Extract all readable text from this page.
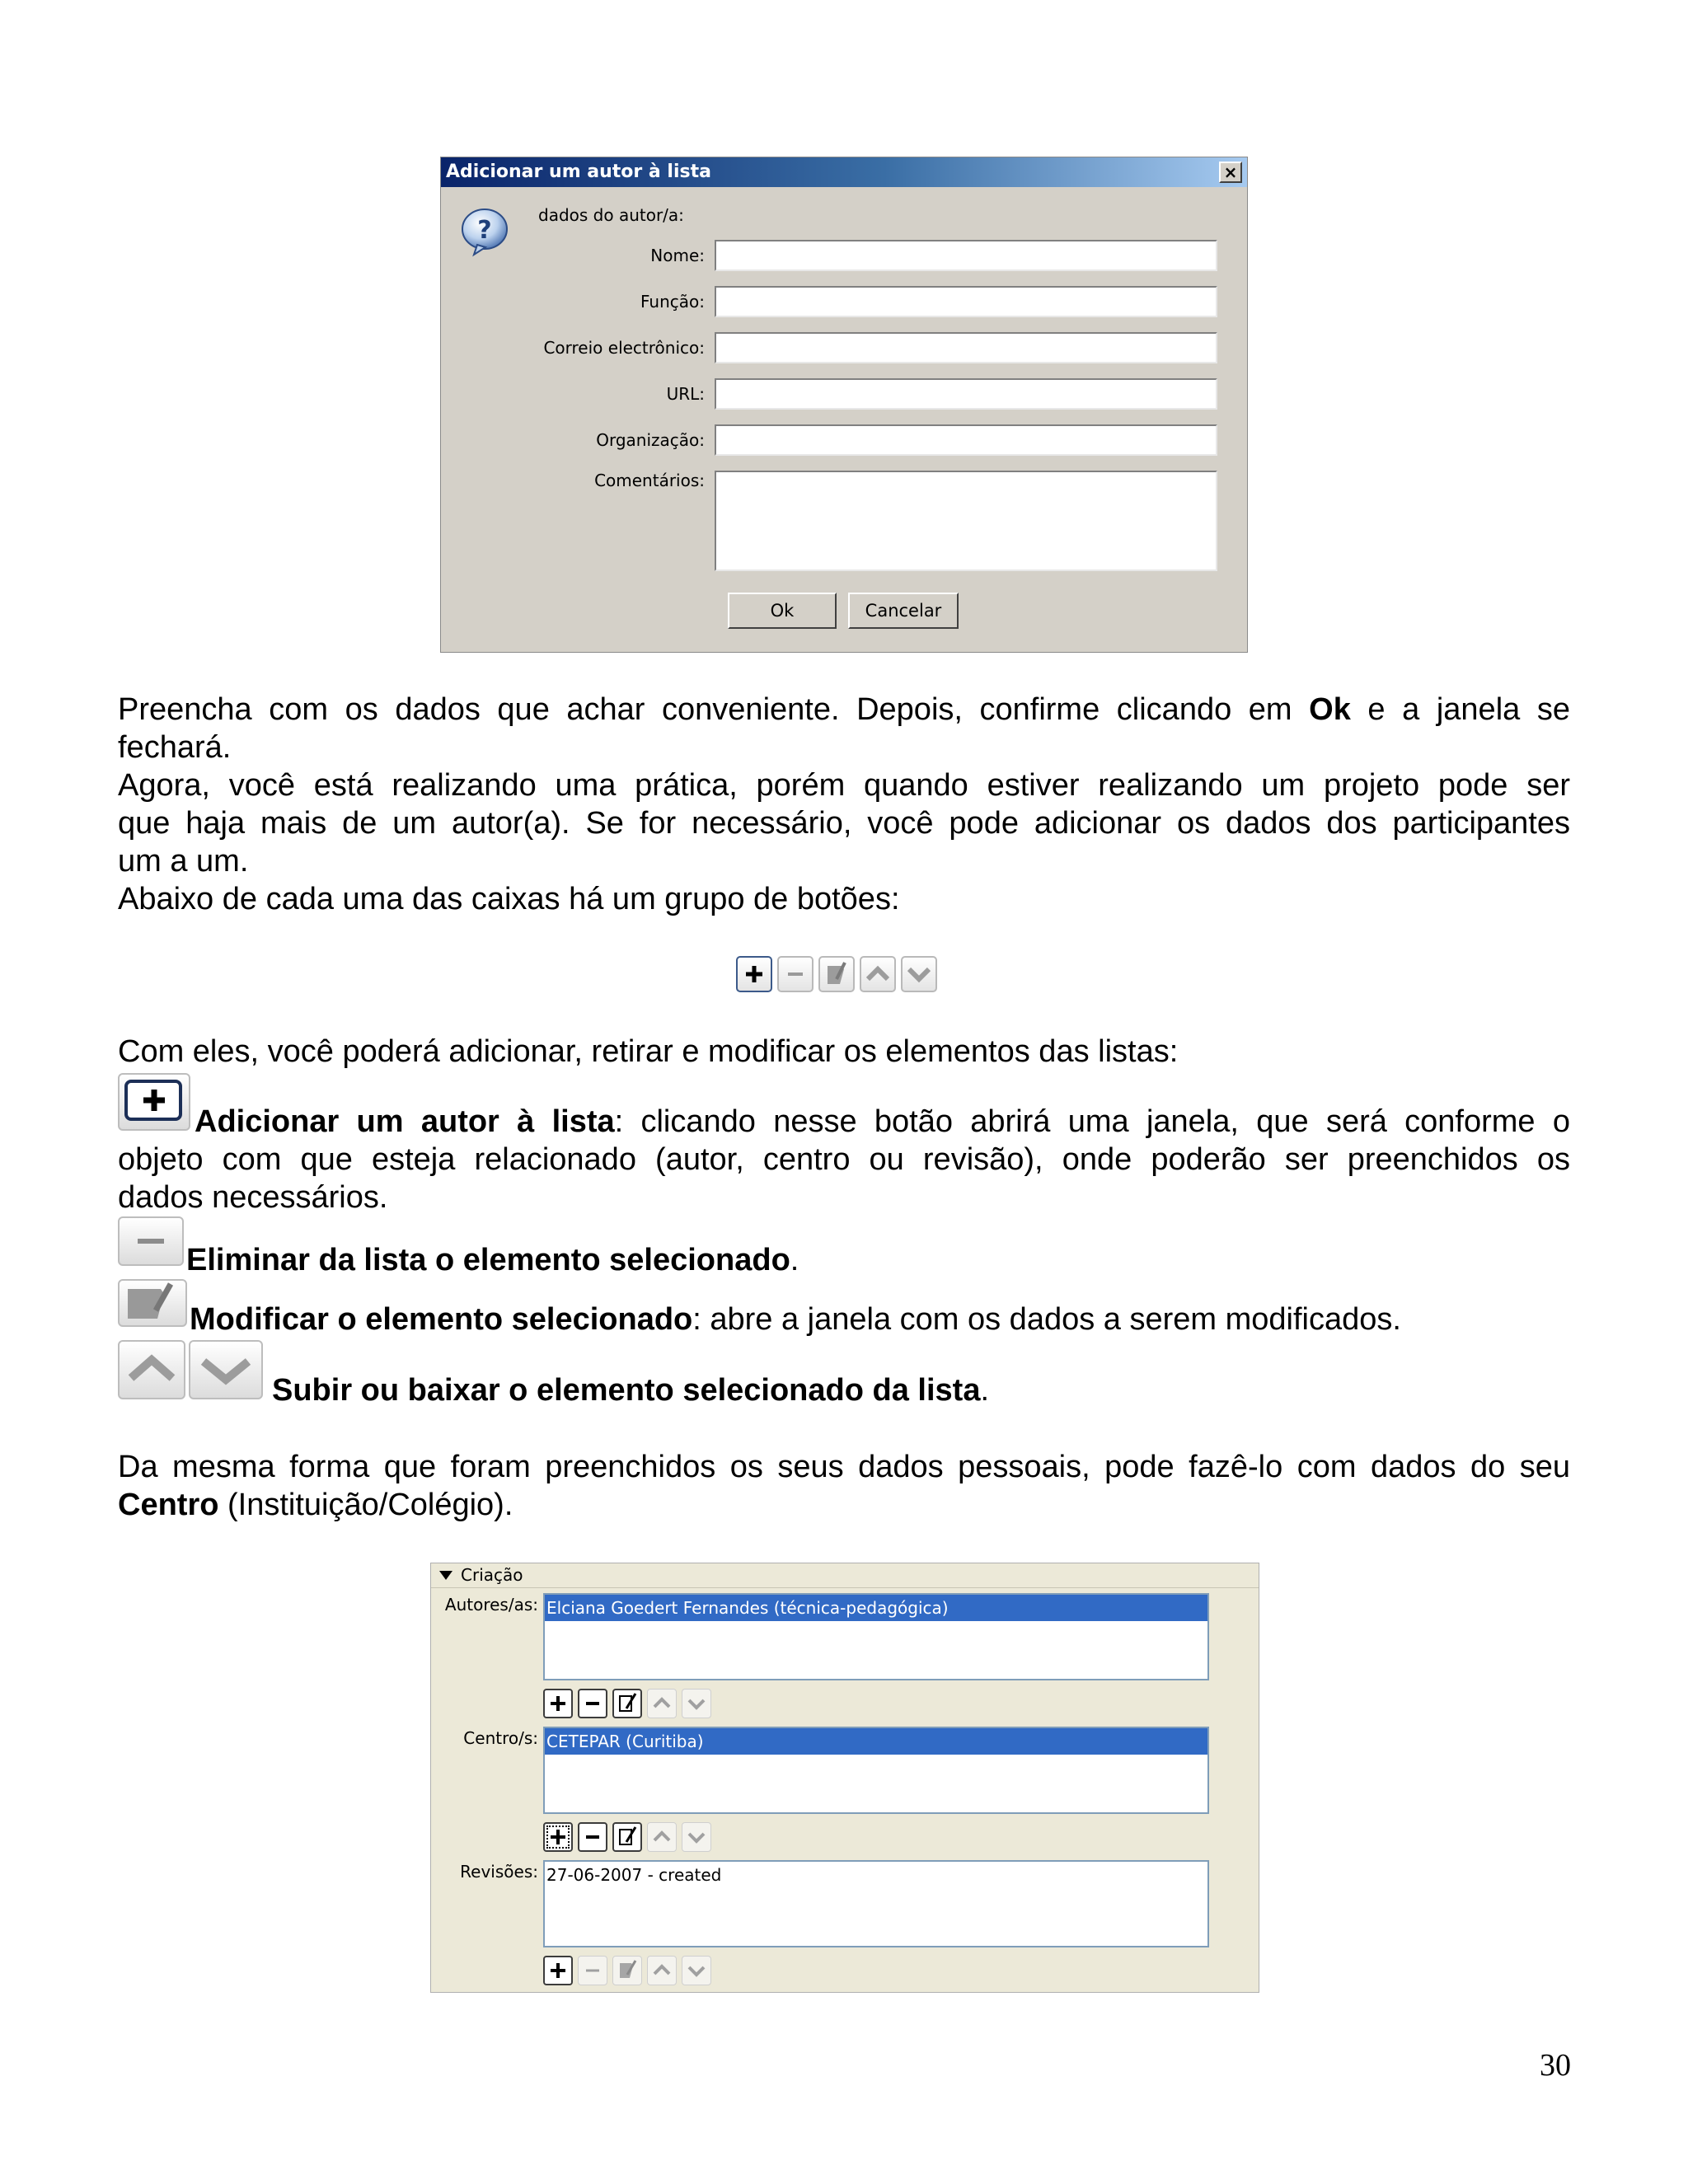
Adicionar um autor à lista	×
?
dados do autor/a:
Nome:
Função:
Correio electrônico:
URL:
Organização:
Comentários:
Ok	Cancelar
Preencha com os dados que achar conveniente. Depois, confirme clicando em Ok e a janela se
fechará.
Agora, você está realizando uma prática, porém quando estiver realizando um projeto pode ser
que haja mais de um autor(a). Se for necessário, você pode adicionar os dados dos participantes
um a um.
Abaixo de cada uma das caixas há um grupo de botões:
Com eles, você poderá adicionar, retirar e modificar os elementos das listas:
Adicionar um autor à lista: clicando nesse botão abrirá uma janela, que será conforme o
objeto com que esteja relacionado (autor, centro ou revisão), onde poderão ser preenchidos os
dados necessários.
Eliminar da lista o elemento selecionado.
Modificar o elemento selecionado: abre a janela com os dados a serem modificados.
Subir ou baixar o elemento selecionado da lista.
Da mesma forma que foram preenchidos os seus dados pessoais, pode fazê-lo com dados do seu
Centro (Instituição/Colégio).
Criação
Autores/as: Elciana Goedert Fernandes (técnica-pedagógica)
Centro/s: CETEPAR (Curitiba)
Revisões: 27-06-2007 - created
30
